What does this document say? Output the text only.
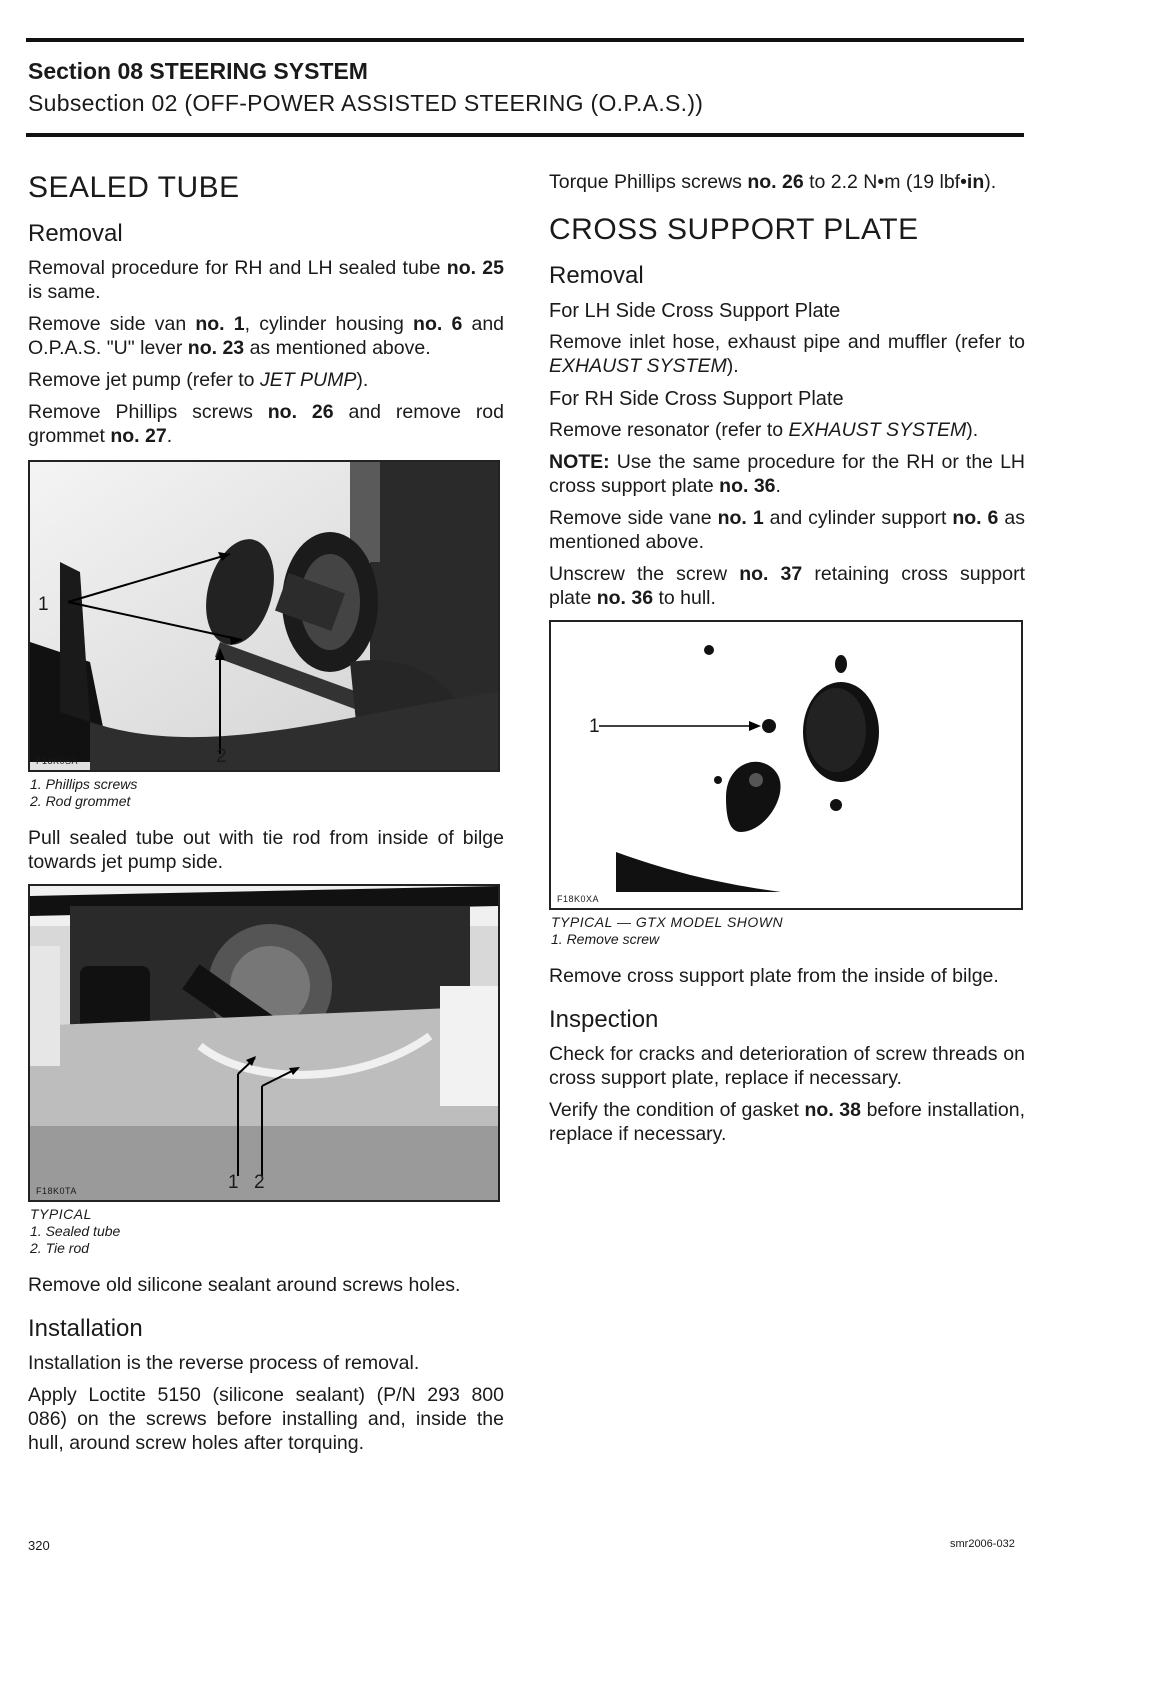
Section 08 STEERING SYSTEM
Subsection 02 (OFF-POWER ASSISTED STEERING (O.P.A.S.))
SEALED TUBE
Removal

Removal procedure for RH and LH sealed tube no. 25 is same.

Remove side van no. 1, cylinder housing no. 6 and O.P.A.S. "U" lever no. 23 as mentioned above.

Remove jet pump (refer to JET PUMP).

Remove Phillips screws no. 26 and remove rod grommet no. 27.

1
2
F18K0SA
1. Phillips screws
2. Rod grommet

Pull sealed tube out with tie rod from inside of bilge towards jet pump side.

1 2
F18K0TA
TYPICAL
1. Sealed tube
2. Tie rod

Remove old silicone sealant around screws holes.

Installation

Installation is the reverse process of removal.

Apply Loctite 5150 (silicone sealant) (P/N 293 800 086) on the screws before installing and, inside the hull, around screw holes after torquing.

Torque Phillips screws no. 26 to 2.2 N•m (19 lbf•in).

CROSS SUPPORT PLATE
Removal
For LH Side Cross Support Plate

Remove inlet hose, exhaust pipe and muffler (refer to EXHAUST SYSTEM).

For RH Side Cross Support Plate

Remove resonator (refer to EXHAUST SYSTEM).

NOTE: Use the same procedure for the RH or the LH cross support plate no. 36.

Remove side vane no. 1 and cylinder support no. 6 as mentioned above.

Unscrew the screw no. 37 retaining cross support plate no. 36 to hull.

1
F18K0XA
TYPICAL — GTX MODEL SHOWN
1. Remove screw

Remove cross support plate from the inside of bilge.

Inspection

Check for cracks and deterioration of screw threads on cross support plate, replace if necessary.

Verify the condition of gasket no. 38 before installation, replace if necessary.

320	smr2006-032
